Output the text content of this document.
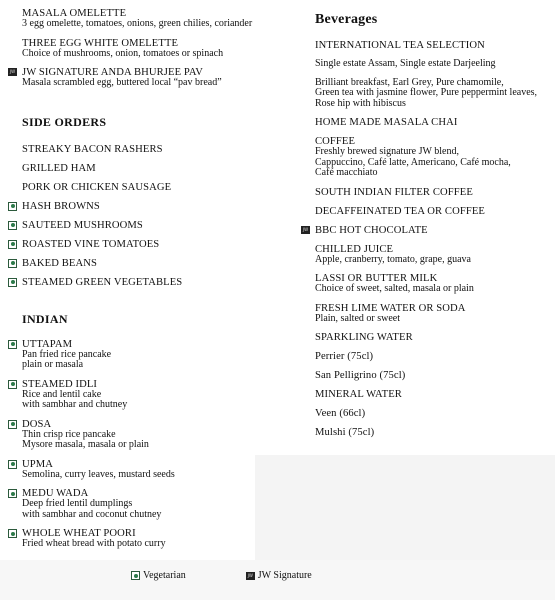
MASALA OMELETTE
3 egg omelette, tomatoes, onions, green chilies, coriander
THREE EGG WHITE OMELETTE
Choice of mushrooms, onion, tomatoes or spinach
JW JW SIGNATURE ANDA BHURJEE PAV
Masala scrambled egg, buttered local “pav bread”
SIDE ORDERS
STREAKY BACON RASHERS
GRILLED HAM
PORK OR CHICKEN SAUSAGE
HASH BROWNS
SAUTEED MUSHROOMS
ROASTED VINE TOMATOES
BAKED BEANS
STEAMED GREEN VEGETABLES
INDIAN
UTTAPAM
Pan fried rice pancake
plain or masala
STEAMED IDLI
Rice and lentil cake
with sambhar and chutney
DOSA
Thin crisp rice pancake
Mysore masala, masala or plain
UPMA
Semolina, curry leaves, mustard seeds
MEDU WADA
Deep fried lentil dumplings
with sambhar and coconut chutney
WHOLE WHEAT POORI
Fried wheat bread with potato curry
Beverages
INTERNATIONAL TEA SELECTION
Single estate Assam, Single estate Darjeeling
Brilliant breakfast, Earl Grey, Pure chamomile,
Green tea with jasmine flower, Pure peppermint leaves,
Rose hip with hibiscus
HOME MADE MASALA CHAI
COFFEE
Freshly brewed signature JW blend,
Cappuccino, Café latte, Americano, Café mocha,
Café macchiato
SOUTH INDIAN FILTER COFFEE
DECAFFEINATED TEA OR COFFEE
JW BBC HOT CHOCOLATE
CHILLED JUICE
Apple, cranberry, tomato, grape, guava
LASSI OR BUTTER MILK
Choice of sweet, salted, masala or plain
FRESH LIME WATER OR SODA
Plain, salted or sweet
SPARKLING WATER
Perrier (75cl)
San Pelligrino (75cl)
MINERAL WATER
Veen (66cl)
Mulshi (75cl)
Vegetarian	JW JW Signature
